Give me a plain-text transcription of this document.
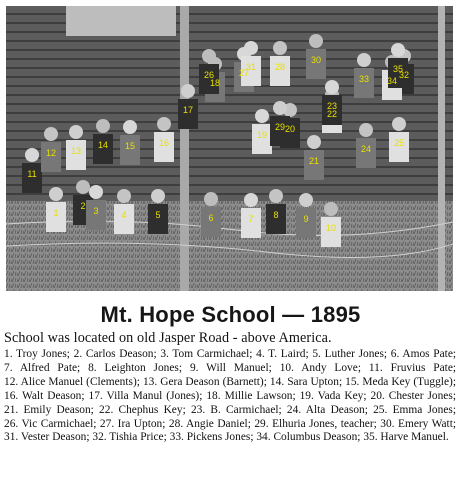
1
2 3	4	5	6	7 8	9
10
11
12 13
14 15	16
17
18
19
20
21
22
23
24
25
26	27
28
29
30
31
32
33 34
35
Mt. Hope School — 1895
School was located on old Jasper Road - above America.
1. Troy Jones; 2. Carlos Deason; 3. Tom Carmichael; 4. T. Laird; 5. Luther Jones; 6. Amos Pate; 7. Alfred Pate; 8. Leighton Jones; 9. Will Manuel; 10. Andy Love; 11. Fruvius Pate; 12. Alice Manuel (Clements); 13. Gera Deason (Barnett); 14. Sara Upton; 15. Meda Key (Tuggle); 16. Walt Deason; 17. Villa Manul (Jones); 18. Millie Lawson; 19. Vada Key; 20. Chester Jones; 21. Emily Deason; 22. Chephus Key; 23. B. Carmichael; 24. Alta Deason; 25. Emma Jones; 26. Vic Carmichael; 27. Ira Upton; 28. Angie Daniel; 29. Elhuria Jones, teacher; 30. Emery Watt; 31. Vester Deason; 32. Tishia Price; 33. Pickens Jones; 34. Columbus Deason; 35. Harve Manuel.
